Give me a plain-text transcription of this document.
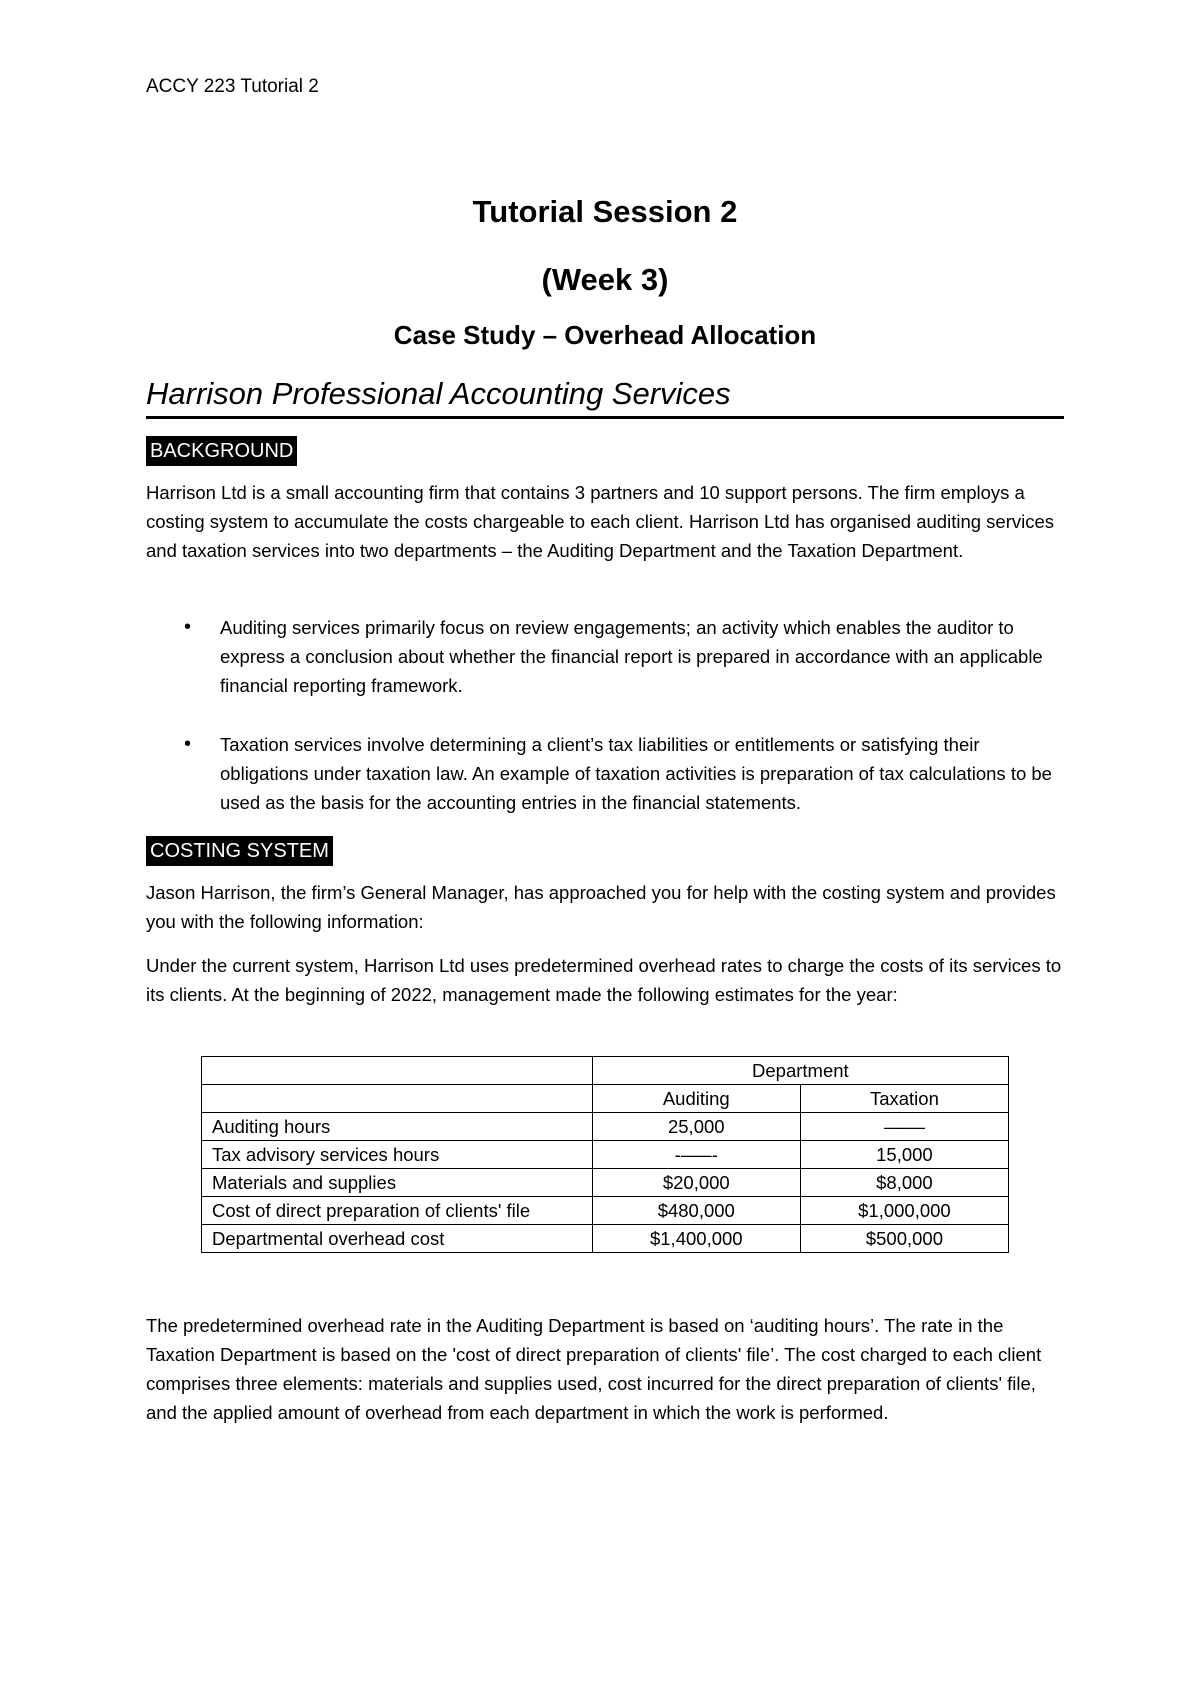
ACCY 223 Tutorial 2
Tutorial Session 2
(Week 3)
Case Study – Overhead Allocation
Harrison Professional Accounting Services
BACKGROUND

Harrison Ltd is a small accounting firm that contains 3 partners and 10 support persons. The firm employs a costing system to accumulate the costs chargeable to each client. Harrison Ltd has organised auditing services and taxation services into two departments – the Auditing Department and the Taxation Department.

• Auditing services primarily focus on review engagements; an activity which enables the auditor to express a conclusion about whether the financial report is prepared in accordance with an applicable financial reporting framework.
• Taxation services involve determining a client’s tax liabilities or entitlements or satisfying their obligations under taxation law. An example of taxation activities is preparation of tax calculations to be used as the basis for the accounting entries in the financial statements.
COSTING SYSTEM

Jason Harrison, the firm’s General Manager, has approached you for help with the costing system and provides you with the following information:

Under the current system, Harrison Ltd uses predetermined overhead rates to charge the costs of its services to its clients. At the beginning of 2022, management made the following estimates for the year:

	Department	
	Auditing	Taxation
Auditing hours	25,000	––––
Tax advisory services hours	-–––-	15,000
Materials and supplies	$20,000	$8,000
Cost of direct preparation of clients' file	$480,000	$1,000,000
Departmental overhead cost	$1,400,000	$500,000

The predetermined overhead rate in the Auditing Department is based on ‘auditing hours’. The rate in the Taxation Department is based on the 'cost of direct preparation of clients' file’. The cost charged to each client comprises three elements: materials and supplies used, cost incurred for the direct preparation of clients' file, and the applied amount of overhead from each department in which the work is performed.
